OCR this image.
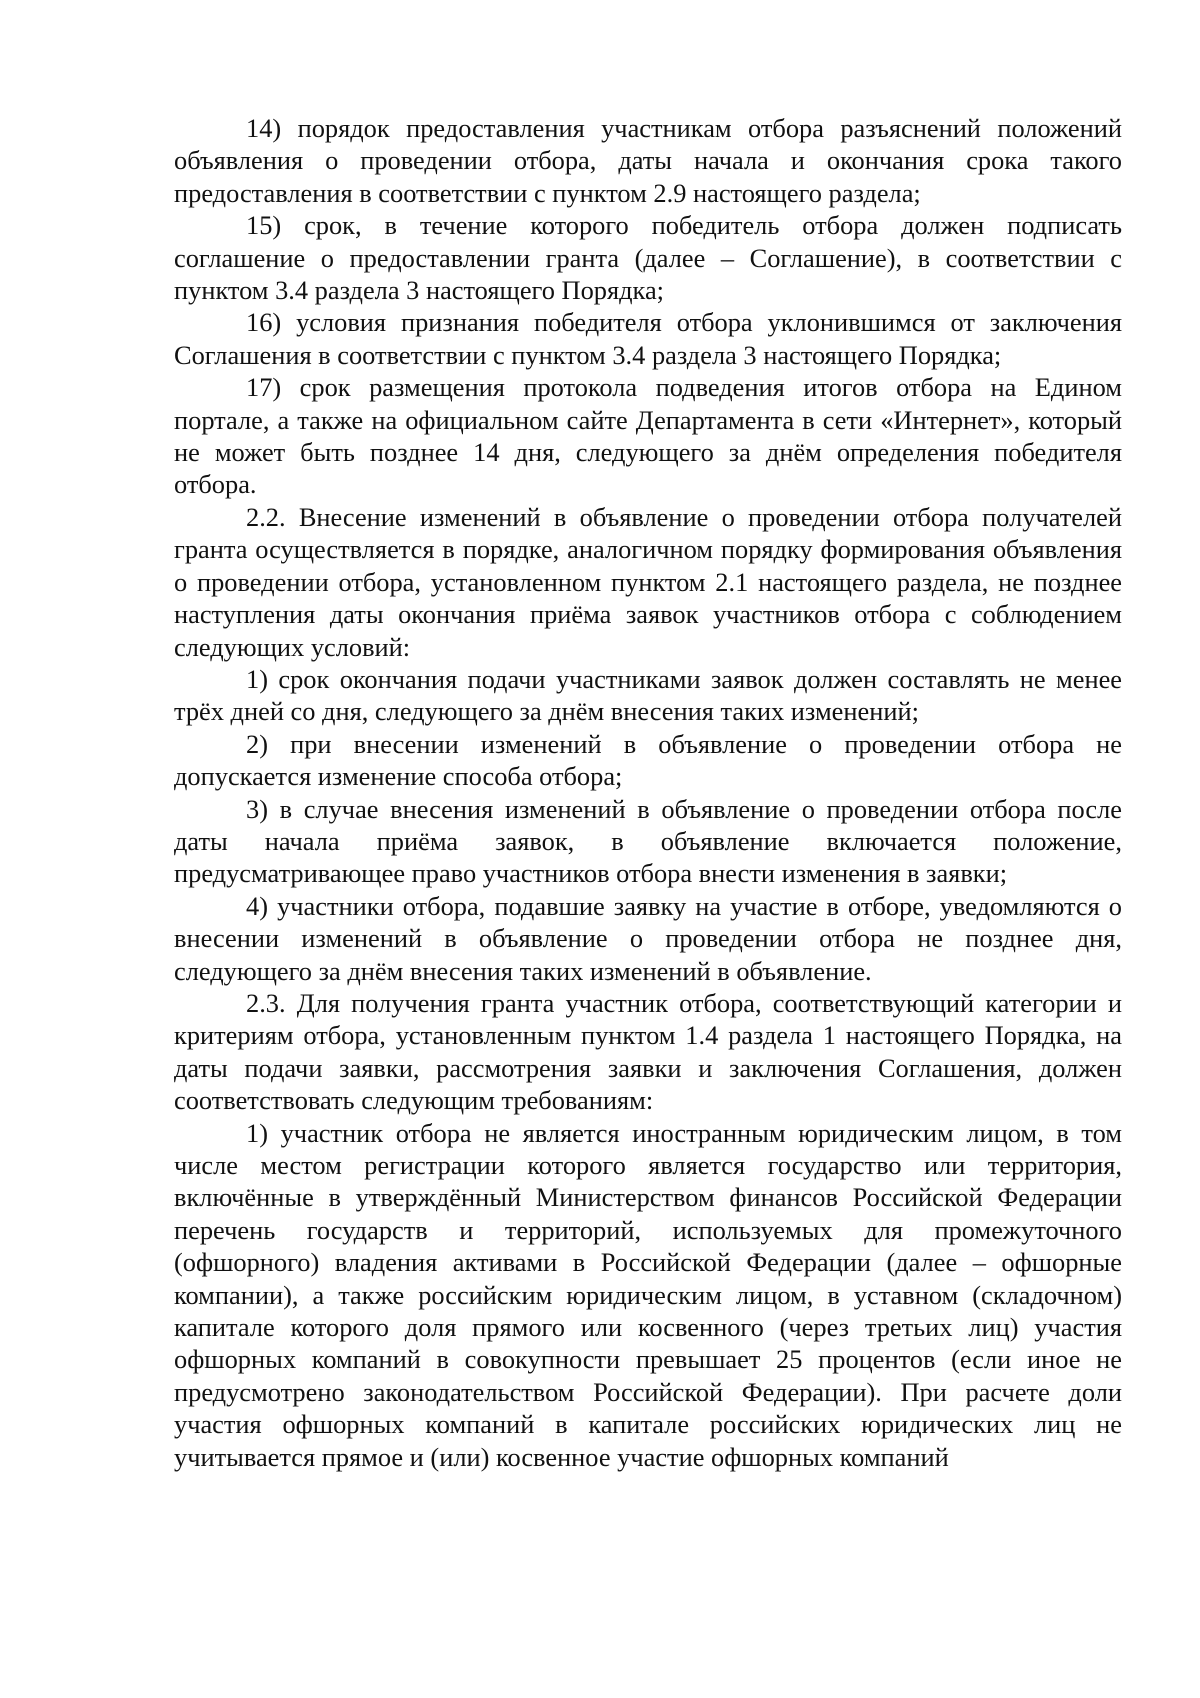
14) порядок предоставления участникам отбора разъяснений положений объявления о проведении отбора, даты начала и окончания срока такого предоставления в соответствии с пунктом 2.9 настоящего раздела;

15) срок, в течение которого победитель отбора должен подписать соглашение о предоставлении гранта (далее – Соглашение), в соответствии с пунктом 3.4 раздела 3 настоящего Порядка;

16) условия признания победителя отбора уклонившимся от заключения Соглашения в соответствии с пунктом 3.4 раздела 3 настоящего Порядка;

17) срок размещения протокола подведения итогов отбора на Едином портале, а также на официальном сайте Департамента в сети «Интернет», который не может быть позднее 14 дня, следующего за днём определения победителя отбора.

2.2. Внесение изменений в объявление о проведении отбора получателей гранта осуществляется в порядке, аналогичном порядку формирования объявления о проведении отбора, установленном пунктом 2.1 настоящего раздела, не позднее наступления даты окончания приёма заявок участников отбора с соблюдением следующих условий:

1) срок окончания подачи участниками заявок должен составлять не менее трёх дней со дня, следующего за днём внесения таких изменений;

2) при внесении изменений в объявление о проведении отбора не допускается изменение способа отбора;

3) в случае внесения изменений в объявление о проведении отбора после даты начала приёма заявок, в объявление включается положение, предусматривающее право участников отбора внести изменения в заявки;

4) участники отбора, подавшие заявку на участие в отборе, уведомляются о внесении изменений в объявление о проведении отбора не позднее дня, следующего за днём внесения таких изменений в объявление.

2.3. Для получения гранта участник отбора, соответствующий категории и критериям отбора, установленным пунктом 1.4 раздела 1 настоящего Порядка, на даты подачи заявки, рассмотрения заявки и заключения Соглашения, должен соответствовать следующим требованиям:

1) участник отбора не является иностранным юридическим лицом, в том числе местом регистрации которого является государство или территория, включённые в утверждённый Министерством финансов Российской Федерации перечень государств и территорий, используемых для промежуточного (офшорного) владения активами в Российской Федерации (далее – офшорные компании), а также российским юридическим лицом, в уставном (складочном) капитале которого доля прямого или косвенного (через третьих лиц) участия офшорных компаний в совокупности превышает 25 процентов (если иное не предусмотрено законодательством Российской Федерации). При расчете доли участия офшорных компаний в капитале российских юридических лиц не учитывается прямое и (или) косвенное участие офшорных компаний
